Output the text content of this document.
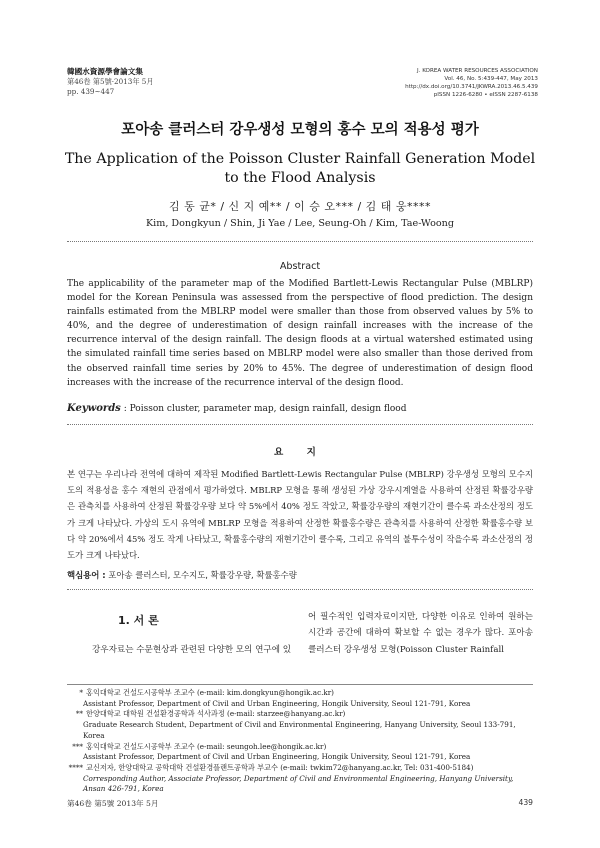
韓國水資源學會論文集
第46卷 第5號·2013年 5月
pp. 439~447
J. KOREA WATER RESOURCES ASSOCIATION
Vol. 46, No. 5:439-447, May 2013
http://dx.doi.org/10.3741/JKWRA.2013.46.5.439
pISSN 1226-6280 • eISSN 2287-6138
포아송 클러스터 강우생성 모형의 홍수 모의 적용성 평가
The Application of the Poisson Cluster Rainfall Generation Model to the Flood Analysis
김 동 균* / 신 지 예** / 이 승 오*** / 김 태 웅****
Kim, Dongkyun / Shin, Ji Yae / Lee, Seung-Oh / Kim, Tae-Woong
Abstract
The applicability of the parameter map of the Modified Bartlett-Lewis Rectangular Pulse (MBLRP) model for the Korean Peninsula was assessed from the perspective of flood prediction. The design rainfalls estimated from the MBLRP model were smaller than those from observed values by 5% to 40%, and the degree of underestimation of design rainfall increases with the increase of the recurrence interval of the design rainfall. The design floods at a virtual watershed estimated using the simulated rainfall time series based on MBLRP model were also smaller than those derived from the observed rainfall time series by 20% to 45%. The degree of underestimation of design flood increases with the increase of the recurrence interval of the design flood.
Keywords : Poisson cluster, parameter map, design rainfall, design flood
요 지
본 연구는 우리나라 전역에 대하여 제작된 Modified Bartlett-Lewis Rectangular Pulse (MBLRP) 강우생성 모형의 모수지도의 적용성을 홍수 재현의 관점에서 평가하였다. MBLRP 모형을 통해 생성된 가상 강우시계열을 사용하여 산정된 확률강우량은 관측치를 사용하여 산정된 확률강우량 보다 약 5%에서 40% 정도 작았고, 확률강우량의 재현기간이 클수록 과소산정의 정도가 크게 나타났다. 가상의 도시 유역에 MBLRP 모형을 적용하여 산정한 확률홍수량은 관측치를 사용하여 산정한 확률홍수량 보다 약 20%에서 45% 정도 작게 나타났고, 확률홍수량의 재현기간이 클수록, 그리고 유역의 불투수성이 작을수록 과소산정의 정도가 크게 나타났다.
핵심용어 : 포아송 클러스터, 모수지도, 확률강우량, 확률홍수량
1. 서 론
강우자료는 수문현상과 관련된 다양한 모의 연구에 있
어 필수적인 입력자료이지만, 다양한 이유로 인하여 원하는 시간과 공간에 대하여 확보할 수 없는 경우가 많다. 포아송 클러스터 강우생성 모형(Poisson Cluster Rainfall
* 홍익대학교 건설도시공학부 조교수 (e-mail: kim.dongkyun@hongik.ac.kr)
Assistant Professor, Department of Civil and Urban Engineering, Hongik University, Seoul 121-791, Korea
** 한양대학교 대학원 건설환경공학과 석사과정 (e-mail: starzee@hanyang.ac.kr)
Graduate Research Student, Department of Civil and Environmental Engineering, Hanyang University, Seoul 133-791, Korea
*** 홍익대학교 건설도시공학부 조교수 (e-mail: seungoh.lee@hongik.ac.kr)
Assistant Professor, Department of Civil and Urban Engineering, Hongik University, Seoul 121-791, Korea
**** 교신저자, 한양대학교 공학대학 건설환경플랜트공학과 부교수 (e-mail: twkim72@hanyang.ac.kr, Tel: 031-400-5184)
Corresponding Author, Associate Professor, Department of Civil and Environmental Engineering, Hanyang University, Ansan 426-791, Korea
第46卷 第5號 2013年 5月	439
